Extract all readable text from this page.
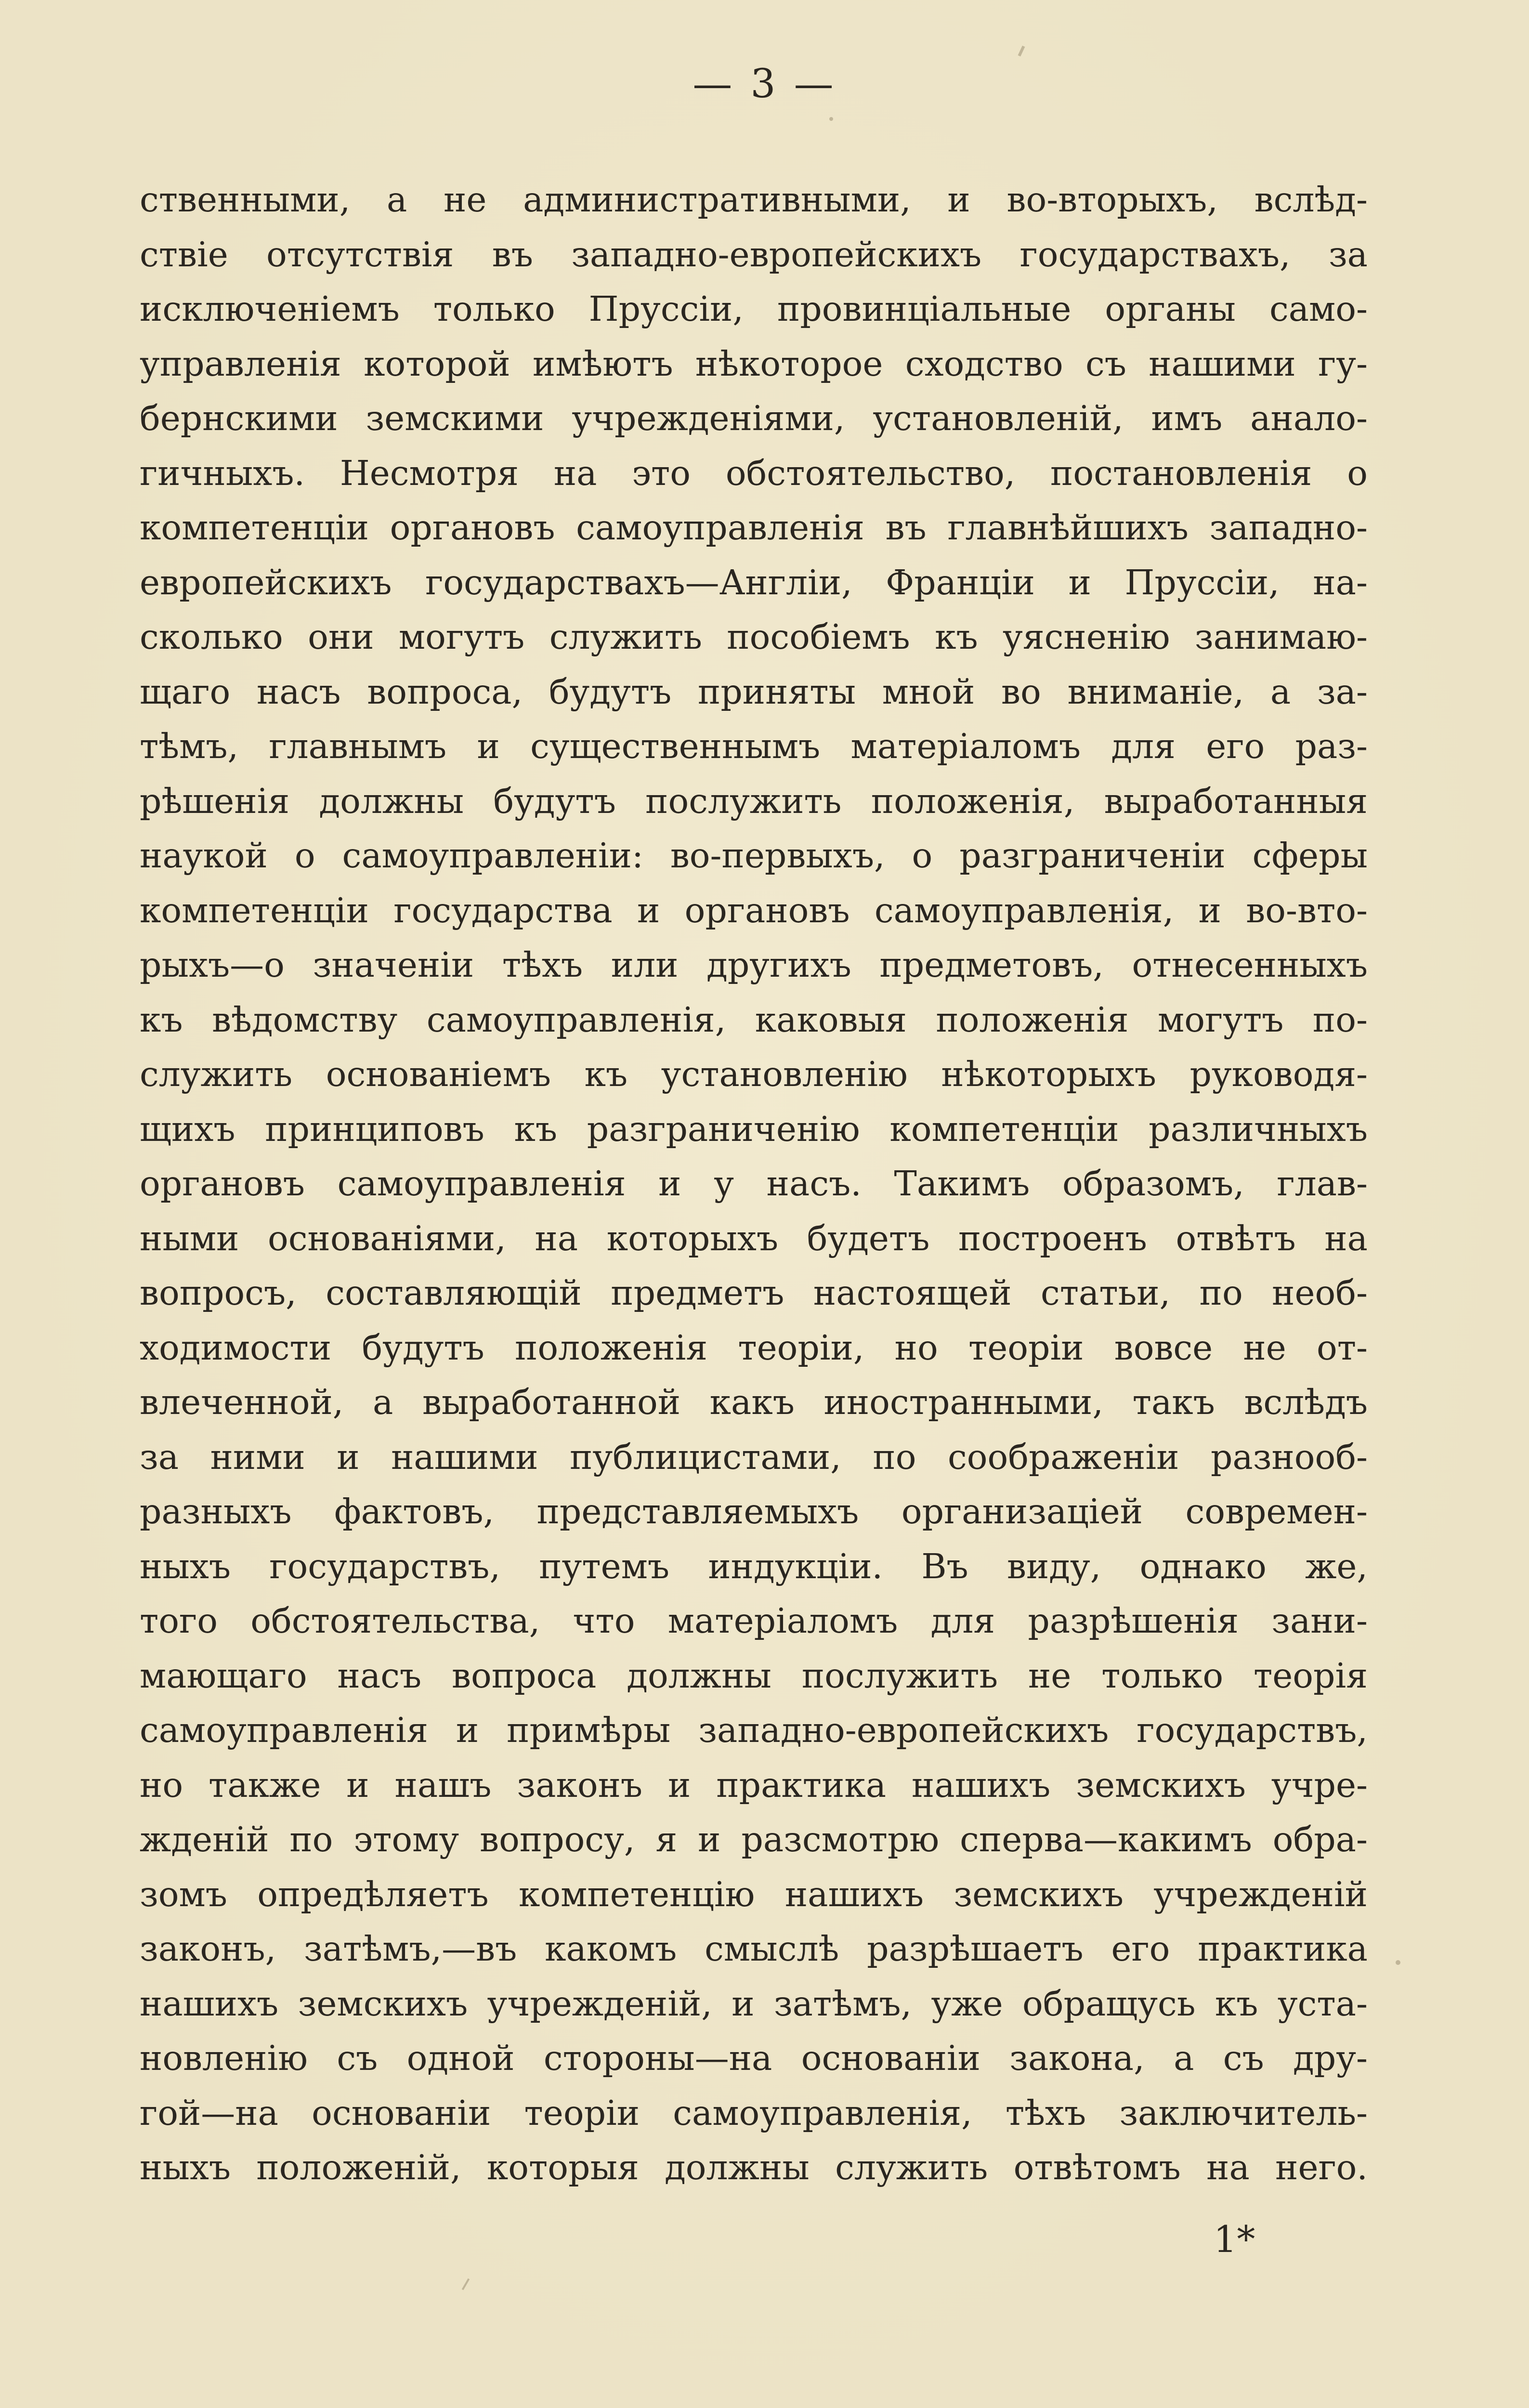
— 3 —
ственными, а не административными, и во-вторыхъ, вслѣд-
ствіе отсутствія въ западно-европейскихъ государствахъ, за
исключеніемъ только Пруссіи, провинціальные органы само-
управленія которой имѣютъ нѣкоторое сходство съ нашими гу-
бернскими земскими учрежденіями, установленій, имъ анало-
гичныхъ. Несмотря на это обстоятельство, постановленія о
компетенціи органовъ самоуправленія въ главнѣйшихъ западно-
европейскихъ государствахъ—Англіи, Франціи и Пруссіи, на-
сколько они могутъ служить пособіемъ къ уясненію занимаю-
щаго насъ вопроса, будутъ приняты мной во вниманіе, а за-
тѣмъ, главнымъ и существеннымъ матеріаломъ для его раз-
рѣшенія должны будутъ послужить положенія, выработанныя
наукой о самоуправленіи: во-первыхъ, о разграниченіи сферы
компетенціи государства и органовъ самоуправленія, и во-вто-
рыхъ—о значеніи тѣхъ или другихъ предметовъ, отнесенныхъ
къ вѣдомству самоуправленія, каковыя положенія могутъ по-
служить основаніемъ къ установленію нѣкоторыхъ руководя-
щихъ принциповъ къ разграниченію компетенціи различныхъ
органовъ самоуправленія и у насъ. Такимъ образомъ, глав-
ными основаніями, на которыхъ будетъ построенъ отвѣтъ на
вопросъ, составляющій предметъ настоящей статьи, по необ-
ходимости будутъ положенія теоріи, но теоріи вовсе не от-
влеченной, а выработанной какъ иностранными, такъ вслѣдъ
за ними и нашими публицистами, по соображеніи разнооб-
разныхъ фактовъ, представляемыхъ организаціей современ-
ныхъ государствъ, путемъ индукціи. Въ виду, однако же,
того обстоятельства, что матеріаломъ для разрѣшенія зани-
мающаго насъ вопроса должны послужить не только теорія
самоуправленія и примѣры западно-европейскихъ государствъ,
но также и нашъ законъ и практика нашихъ земскихъ учре-
жденій по этому вопросу, я и разсмотрю сперва—какимъ обра-
зомъ опредѣляетъ компетенцію нашихъ земскихъ учрежденій
законъ, затѣмъ,—въ какомъ смыслѣ разрѣшаетъ его практика
нашихъ земскихъ учрежденій, и затѣмъ, уже обращусь къ уста-
новленію съ одной стороны—на основаніи закона, а съ дру-
гой—на основаніи теоріи самоуправленія, тѣхъ заключитель-
ныхъ положеній, которыя должны служить отвѣтомъ на него.
1*
